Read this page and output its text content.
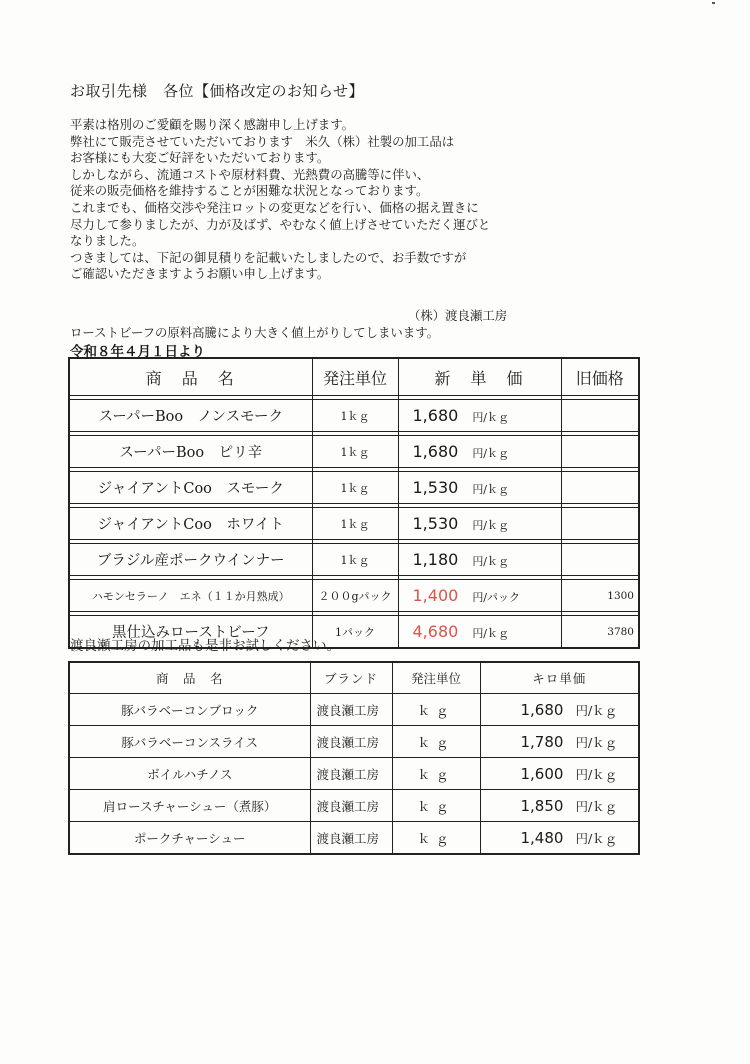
お取引先様　各位【価格改定のお知らせ】
平素は格別のご愛顧を賜り深く感謝申し上げます。
弊社にて販売させていただいております　米久（株）社製の加工品は
お客様にも大変ご好評をいただいております。
しかしながら、流通コストや原材料費、光熱費の高騰等に伴い、
従来の販売価格を維持することが困難な状況となっております。
これまでも、価格交渉や発注ロットの変更などを行い、価格の据え置きに
尽力して参りましたが、力が及ばず、やむなく値上げさせていただく運びと
なりました。
つきましては、下記の御見積りを記載いたしましたので、お手数ですが
ご確認いただきますようお願い申し上げます。
（株）渡良瀬工房
ローストビーフの原料高騰により大きく値上がりしてしまいます。
令和８年４月１日より
商　品　名	発注単位	新　単　価	旧価格

スーパーBoo　ノンスモーク	1ｋｇ	1,680 円/ｋｇ	

スーパーBoo　ピリ辛	1ｋｇ	1,680 円/ｋｇ	

ジャイアントCoo　スモーク	1ｋｇ	1,530 円/ｋｇ	

ジャイアントCoo　ホワイト	1ｋｇ	1,530 円/ｋｇ	

ブラジル産ポークウインナー	1ｋｇ	1,180 円/ｋｇ	

ハモンセラーノ　エネ（１１か月熟成）	２００gパック	1,400 円/パック	1300

黒仕込みローストビーフ	1パック	4,680 円/ｋｇ	3780
渡良瀬工房の加工品も是非お試しください。
商　品　名	ブランド	発注単位	キロ単価
豚バラベーコンブロック	渡良瀬工房	ｋｇ	1,680 円/ｋｇ
豚バラベーコンスライス	渡良瀬工房	ｋｇ	1,780 円/ｋｇ
ボイルハチノス	渡良瀬工房	ｋｇ	1,600 円/ｋｇ
肩ロースチャーシュー（煮豚）	渡良瀬工房	ｋｇ	1,850 円/ｋｇ
ポークチャーシュー	渡良瀬工房	ｋｇ	1,480 円/ｋｇ
